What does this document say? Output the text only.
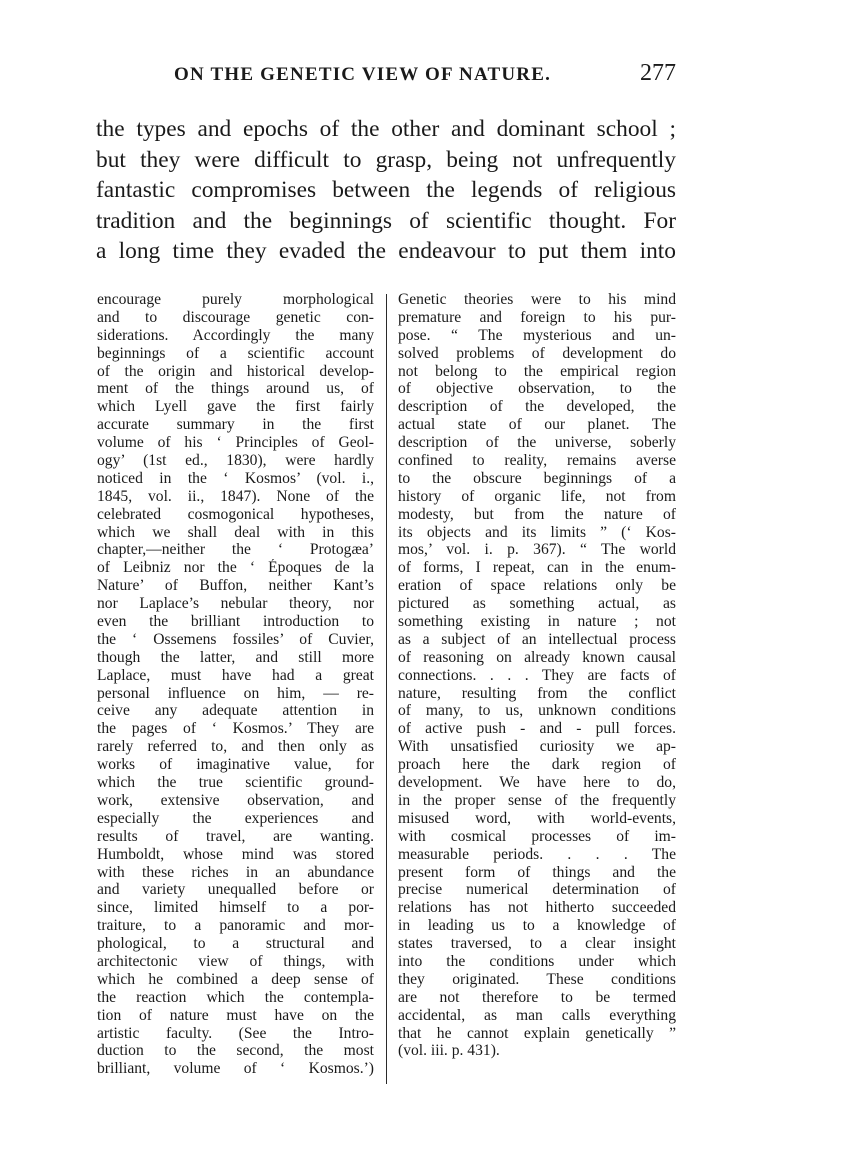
ON THE GENETIC VIEW OF NATURE.	277
the types and epochs of the other and dominant school ;
but they were difficult to grasp, being not unfrequently
fantastic compromises between the legends of religious
tradition and the beginnings of scientific thought. For
a long time they evaded the endeavour to put them into
encourage purely morphological
and to discourage genetic con-
siderations. Accordingly the many
beginnings of a scientific account
of the origin and historical develop-
ment of the things around us, of
which Lyell gave the first fairly
accurate summary in the first
volume of his ‘ Principles of Geol-
ogy’ (1st ed., 1830), were hardly
noticed in the ‘ Kosmos’ (vol. i.,
1845, vol. ii., 1847). None of the
celebrated cosmogonical hypotheses,
which we shall deal with in this
chapter,—neither the ‘ Protogæa’
of Leibniz nor the ‘ Époques de la
Nature’ of Buffon, neither Kant’s
nor Laplace’s nebular theory, nor
even the brilliant introduction to
the ‘ Ossemens fossiles’ of Cuvier,
though the latter, and still more
Laplace, must have had a great
personal influence on him, — re-
ceive any adequate attention in
the pages of ‘ Kosmos.’ They are
rarely referred to, and then only as
works of imaginative value, for
which the true scientific ground-
work, extensive observation, and
especially the experiences and
results of travel, are wanting.
Humboldt, whose mind was stored
with these riches in an abundance
and variety unequalled before or
since, limited himself to a por-
traiture, to a panoramic and mor-
phological, to a structural and
architectonic view of things, with
which he combined a deep sense of
the reaction which the contempla-
tion of nature must have on the
artistic faculty. (See the Intro-
duction to the second, the most
brilliant, volume of ‘ Kosmos.’)
Genetic theories were to his mind
premature and foreign to his pur-
pose. “ The mysterious and un-
solved problems of development do
not belong to the empirical region
of objective observation, to the
description of the developed, the
actual state of our planet. The
description of the universe, soberly
confined to reality, remains averse
to the obscure beginnings of a
history of organic life, not from
modesty, but from the nature of
its objects and its limits ” (‘ Kos-
mos,’ vol. i. p. 367). “ The world
of forms, I repeat, can in the enum-
eration of space relations only be
pictured as something actual, as
something existing in nature ; not
as a subject of an intellectual process
of reasoning on already known causal
connections. . . . They are facts of
nature, resulting from the conflict
of many, to us, unknown conditions
of active push - and - pull forces.
With unsatisfied curiosity we ap-
proach here the dark region of
development. We have here to do,
in the proper sense of the frequently
misused word, with world-events,
with cosmical processes of im-
measurable periods. . . . The
present form of things and the
precise numerical determination of
relations has not hitherto succeeded
in leading us to a knowledge of
states traversed, to a clear insight
into the conditions under which
they originated. These conditions
are not therefore to be termed
accidental, as man calls everything
that he cannot explain genetically ”
(vol. iii. p. 431).
